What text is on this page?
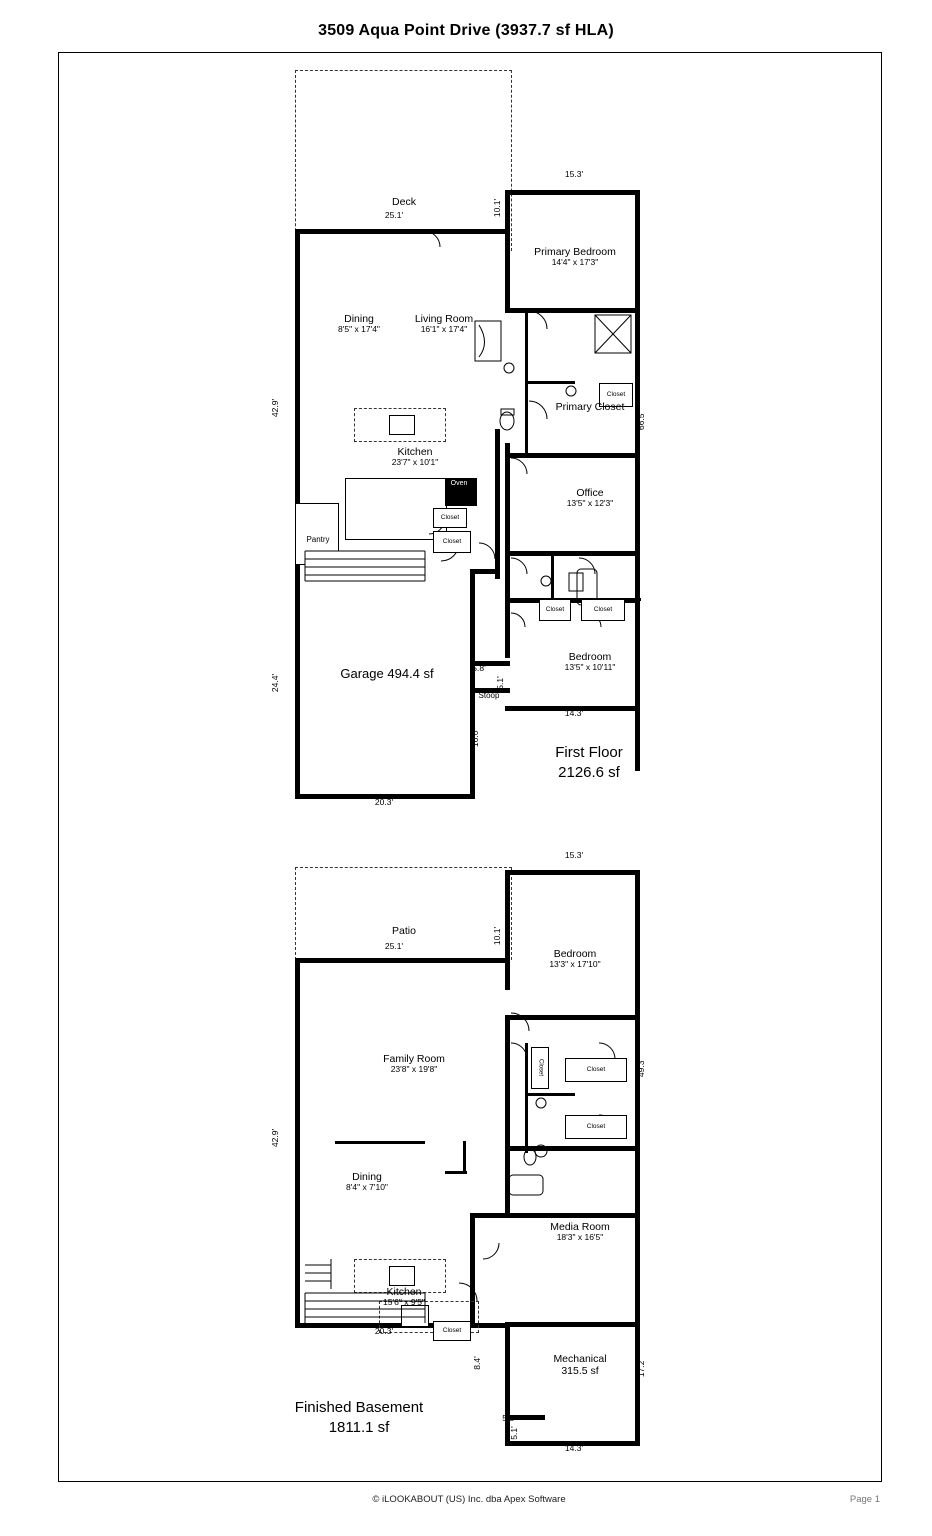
3509 Aqua Point Drive (3937.7 sf HLA)
Closet
Closet
Closet
Closet	Closet
Deck
Primary Bedroom
14'4" x 17'3"
Dining
8'5" x 17'4"
Living Room
16'1" x 17'4"
Primary Closet
Kitchen
23'7" x 10'1"
Office
13'5" x 12'3"
Pantry
Bedroom
13'5" x 10'11"
Garage 494.4 sf
Stoop
Oven
15.3'
10.1'
25.1'
42.9'
66.5'
24.4'
16.0'
5.8'
5.1'
14.3'
20.3'
First Floor
2126.6 sf
Closet	Closet
Closet
Closet
Patio
Bedroom
13'3" x 17'10"
Family Room
23'8" x 19'8"
Dining
8'4" x 7'10"
Kitchen
15'6" x 9'5"
Media Room
18'3" x 16'5"
Mechanical
315.5 sf
15.3'
10.1'
25.1'
42.9'
49.3'
20.3'
8.4'	17.2'
5.8'
5.1'
14.3'
Finished Basement
1811.1 sf
© iLOOKABOUT (US) Inc. dba Apex Software	Page 1
